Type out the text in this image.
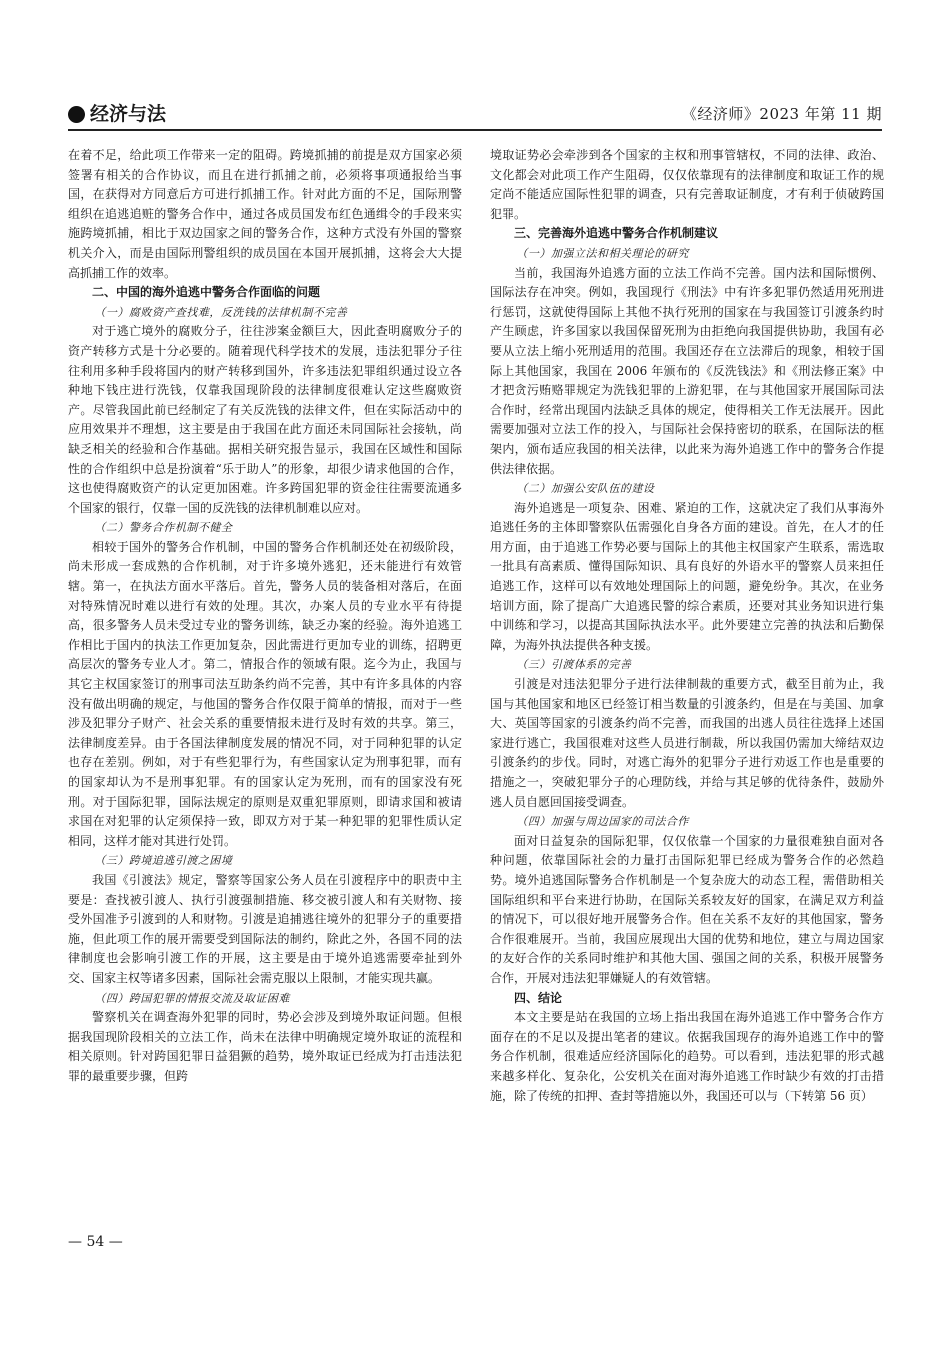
经济与法	《经济师》2023 年第 11 期

在着不足，给此项工作带来一定的阻碍。跨境抓捕的前提是双方国家必须签署有相关的合作协议，而且在进行抓捕之前，必须将事项通报给当事国，在获得对方同意后方可进行抓捕工作。针对此方面的不足，国际刑警组织在追逃追赃的警务合作中，通过各成员国发布红色通缉令的手段来实施跨境抓捕，相比于双边国家之间的警务合作，这种方式没有外国的警察机关介入，而是由国际刑警组织的成员国在本国开展抓捕，这将会大大提高抓捕工作的效率。

二、中国的海外追逃中警务合作面临的问题
（一）腐败资产查找难，反洗钱的法律机制不完善

对于逃亡境外的腐败分子，往往涉案金额巨大，因此查明腐败分子的资产转移方式是十分必要的。随着现代科学技术的发展，违法犯罪分子往往利用多种手段将国内的财产转移到国外，许多违法犯罪组织通过设立各种地下钱庄进行洗钱，仅靠我国现阶段的法律制度很难认定这些腐败资产。尽管我国此前已经制定了有关反洗钱的法律文件，但在实际活动中的应用效果并不理想，这主要是由于我国在此方面还未同国际社会接轨，尚缺乏相关的经验和合作基础。据相关研究报告显示，我国在区域性和国际性的合作组织中总是扮演着“乐于助人”的形象，却很少请求他国的合作，这也使得腐败资产的认定更加困难。许多跨国犯罪的资金往往需要流通多个国家的银行，仅靠一国的反洗钱的法律机制难以应对。

（二）警务合作机制不健全

相较于国外的警务合作机制，中国的警务合作机制还处在初级阶段，尚未形成一套成熟的合作机制，对于许多境外逃犯，还未能进行有效管辖。第一，在执法方面水平落后。首先，警务人员的装备相对落后，在面对特殊情况时难以进行有效的处理。其次，办案人员的专业水平有待提高，很多警务人员未受过专业的警务训练，缺乏办案的经验。海外追逃工作相比于国内的执法工作更加复杂，因此需进行更加专业的训练，招聘更高层次的警务专业人才。第二，情报合作的领域有限。迄今为止，我国与其它主权国家签订的刑事司法互助条约尚不完善，其中有许多具体的内容没有做出明确的规定，与他国的警务合作仅限于简单的情报，而对于一些涉及犯罪分子财产、社会关系的重要情报未进行及时有效的共享。第三，法律制度差异。由于各国法律制度发展的情况不同，对于同种犯罪的认定也存在差别。例如，对于有些犯罪行为，有些国家认定为刑事犯罪，而有的国家却认为不是刑事犯罪。有的国家认定为死刑，而有的国家没有死刑。对于国际犯罪，国际法规定的原则是双重犯罪原则，即请求国和被请求国在对犯罪的认定须保持一致，即双方对于某一种犯罪的犯罪性质认定相同，这样才能对其进行处罚。

（三）跨境追逃引渡之困境

我国《引渡法》规定，警察等国家公务人员在引渡程序中的职责中主要是：查找被引渡人、执行引渡强制措施、移交被引渡人和有关财物、接受外国准予引渡到的人和财物。引渡是追捕逃往境外的犯罪分子的重要措施，但此项工作的展开需要受到国际法的制约，除此之外，各国不同的法律制度也会影响引渡工作的开展，这主要是由于境外追逃需要牵扯到外交、国家主权等诸多因素，国际社会需克服以上限制，才能实现共赢。

（四）跨国犯罪的情报交流及取证困难

警察机关在调查海外犯罪的同时，势必会涉及到境外取证问题。但根据我国现阶段相关的立法工作，尚未在法律中明确规定境外取证的流程和相关原则。针对跨国犯罪日益猖獗的趋势，境外取证已经成为打击违法犯罪的最重要步骤，但跨

境取证势必会牵涉到各个国家的主权和刑事管辖权，不同的法律、政治、文化都会对此项工作产生阻碍，仅仅依靠现有的法律制度和取证工作的规定尚不能适应国际性犯罪的调查，只有完善取证制度，才有利于侦破跨国犯罪。

三、完善海外追逃中警务合作机制建议
（一）加强立法和相关理论的研究

当前，我国海外追逃方面的立法工作尚不完善。国内法和国际惯例、国际法存在冲突。例如，我国现行《刑法》中有许多犯罪仍然适用死刑进行惩罚，这就使得国际上其他不执行死刑的国家在与我国签订引渡条约时产生顾虑，许多国家以我国保留死刑为由拒绝向我国提供协助，我国有必要从立法上缩小死刑适用的范围。我国还存在立法滞后的现象，相较于国际上其他国家，我国在 2006 年颁布的《反洗钱法》和《刑法修正案》中才把贪污贿赂罪规定为洗钱犯罪的上游犯罪，在与其他国家开展国际司法合作时，经常出现国内法缺乏具体的规定，使得相关工作无法展开。因此需要加强对立法工作的投入，与国际社会保持密切的联系，在国际法的框架内，颁布适应我国的相关法律，以此来为海外追逃工作中的警务合作提供法律依据。

（二）加强公安队伍的建设

海外追逃是一项复杂、困难、紧迫的工作，这就决定了我们从事海外追逃任务的主体即警察队伍需强化自身各方面的建设。首先，在人才的任用方面，由于追逃工作势必要与国际上的其他主权国家产生联系，需选取一批具有高素质、懂得国际知识、具有良好的外语水平的警察人员来担任追逃工作，这样可以有效地处理国际上的问题，避免纷争。其次，在业务培训方面，除了提高广大追逃民警的综合素质，还要对其业务知识进行集中训练和学习，以提高其国际执法水平。此外要建立完善的执法和后勤保障，为海外执法提供各种支援。

（三）引渡体系的完善

引渡是对违法犯罪分子进行法律制裁的重要方式，截至目前为止，我国与其他国家和地区已经签订相当数量的引渡条约，但是在与美国、加拿大、英国等国家的引渡条约尚不完善，而我国的出逃人员往往选择上述国家进行逃亡，我国很难对这些人员进行制裁，所以我国仍需加大缔结双边引渡条约的步伐。同时，对逃亡海外的犯罪分子进行劝返工作也是重要的措施之一，突破犯罪分子的心理防线，并给与其足够的优待条件，鼓励外逃人员自愿回国接受调查。

（四）加强与周边国家的司法合作

面对日益复杂的国际犯罪，仅仅依靠一个国家的力量很难独自面对各种问题，依靠国际社会的力量打击国际犯罪已经成为警务合作的必然趋势。境外追逃国际警务合作机制是一个复杂庞大的动态工程，需借助相关国际组织和平台来进行协助，在国际关系较友好的国家，在满足双方利益的情况下，可以很好地开展警务合作。但在关系不友好的其他国家，警务合作很难展开。当前，我国应展现出大国的优势和地位，建立与周边国家的友好合作的关系同时维护和其他大国、强国之间的关系，积极开展警务合作，开展对违法犯罪嫌疑人的有效管辖。

四、结论

本文主要是站在我国的立场上指出我国在海外追逃工作中警务合作方面存在的不足以及提出笔者的建议。依据我国现存的海外追逃工作中的警务合作机制，很难适应经济国际化的趋势。可以看到，违法犯罪的形式越来越多样化、复杂化，公安机关在面对海外追逃工作时缺少有效的打击措施，除了传统的扣押、查封等措施以外，我国还可以与（下转第 56 页）

— 54 —
